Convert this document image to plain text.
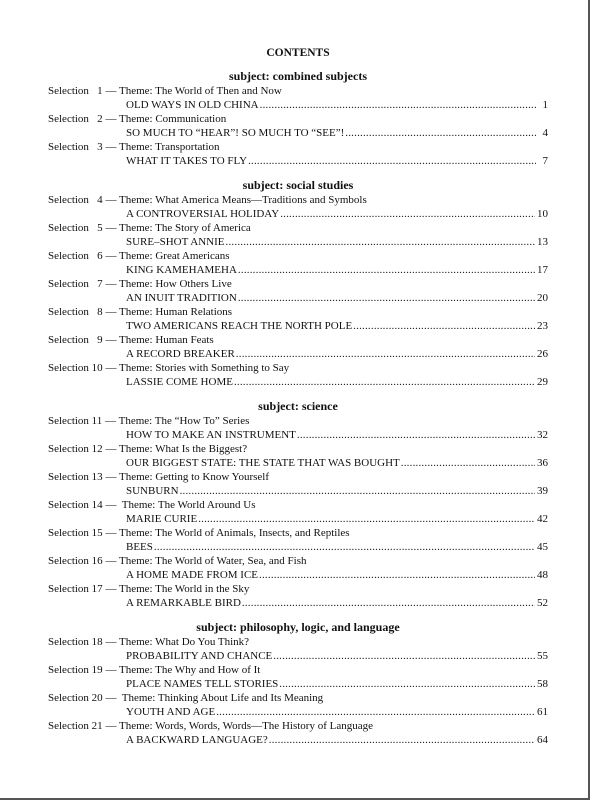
CONTENTS
subject: combined subjects
Selection   1 — Theme: The World of Then and Now
OLD WAYS IN OLD CHINA .....	1
Selection   2 — Theme: Communication
SO MUCH TO “HEAR”! SO MUCH TO “SEE”! .....	4
Selection   3 — Theme: Transportation
WHAT IT TAKES TO FLY .....	7
subject: social studies
Selection   4 — Theme: What America Means—Traditions and Symbols
A CONTROVERSIAL HOLIDAY .....	10
Selection   5 — Theme: The Story of America
SURE–SHOT ANNIE .....	13
Selection   6 — Theme: Great Americans
KING KAMEHAMEHA .....	17
Selection   7 — Theme: How Others Live
AN INUIT TRADITION .....	20
Selection   8 — Theme: Human Relations
TWO AMERICANS REACH THE NORTH POLE .....	23
Selection   9 — Theme: Human Feats
A RECORD BREAKER .....	26
Selection 10 — Theme: Stories with Something to Say
LASSIE COME HOME .....	29
subject: science
Selection 11 — Theme: The “How To” Series
HOW TO MAKE AN INSTRUMENT .....	32
Selection 12 — Theme: What Is the Biggest?
OUR BIGGEST STATE: THE STATE THAT WAS BOUGHT .....	36
Selection 13 — Theme: Getting to Know Yourself
SUNBURN .....	39
Selection 14 —  Theme: The World Around Us
MARIE CURIE .....	42
Selection 15 — Theme: The World of Animals, Insects, and Reptiles
BEES .....	45
Selection 16 — Theme: The World of Water, Sea, and Fish
A HOME MADE FROM ICE .....	48
Selection 17 — Theme: The World in the Sky
A REMARKABLE BIRD .....	52
subject: philosophy, logic, and language
Selection 18 — Theme: What Do You Think?
PROBABILITY AND CHANCE .....	55
Selection 19 — Theme: The Why and How of It
PLACE NAMES TELL STORIES .....	58
Selection 20 —  Theme: Thinking About Life and Its Meaning
YOUTH AND AGE .....	61
Selection 21 — Theme: Words, Words, Words—The History of Language
A BACKWARD LANGUAGE? .....	64
